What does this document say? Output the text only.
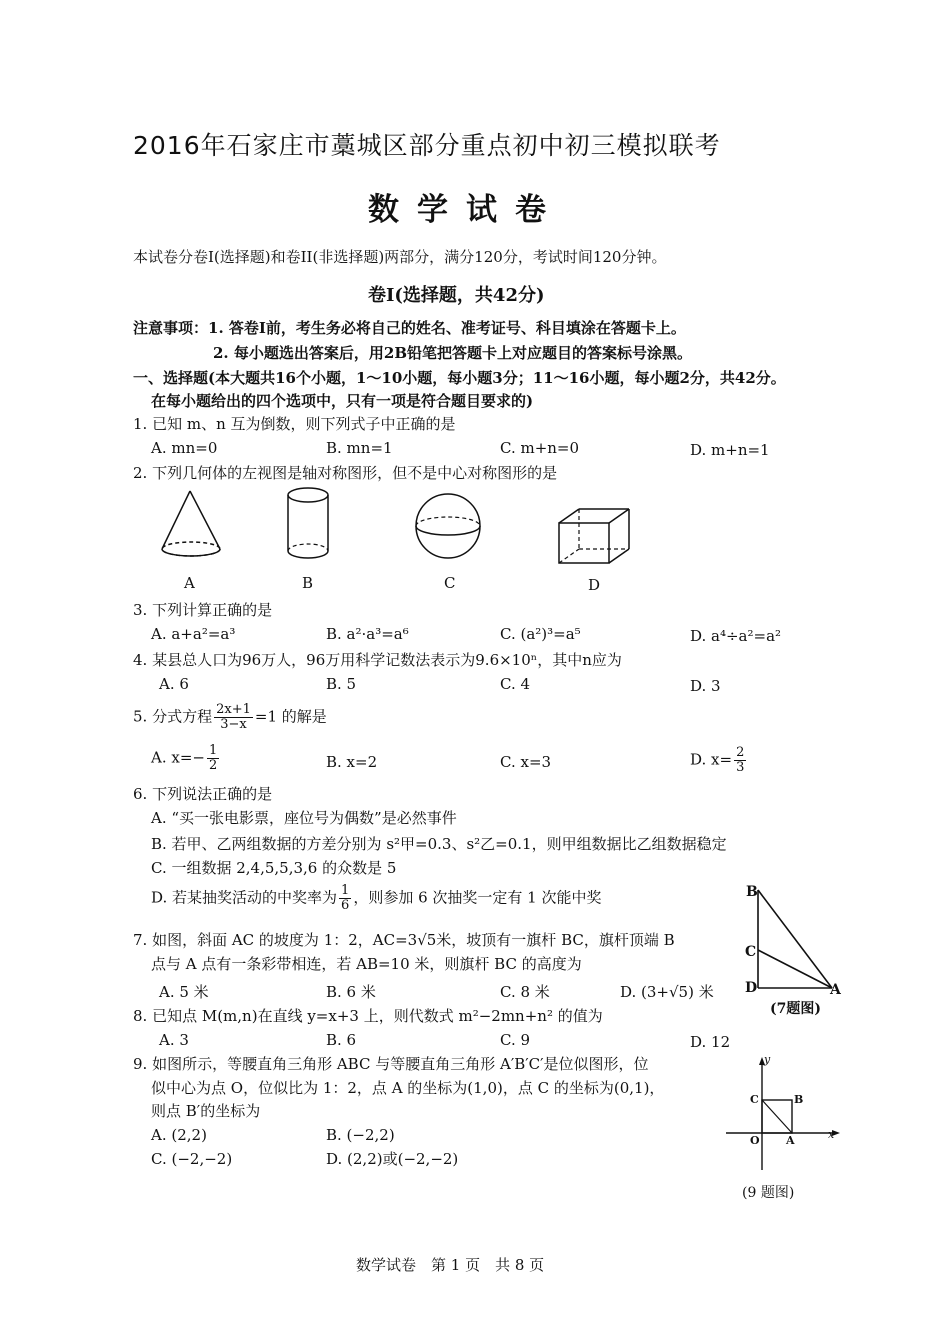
2016年石家庄市藁城区部分重点初中初三模拟联考
数学试卷
本试卷分卷I(选择题)和卷II(非选择题)两部分，满分120分，考试时间120分钟。
卷I(选择题，共42分)
注意事项：1. 答卷Ⅰ前，考生务必将自己的姓名、准考证号、科目填涂在答题卡上。
2. 每小题选出答案后，用2B铅笔把答题卡上对应题目的答案标号涂黑。
一、选择题(本大题共16个小题，1～10小题，每小题3分；11～16小题，每小题2分，共42分。
在每小题给出的四个选项中，只有一项是符合题目要求的)
1. 已知 m、n 互为倒数，则下列式子中正确的是
A. mn=0	B. mn=1	C. m+n=0	D. m+n=1
2. 下列几何体的左视图是轴对称图形，但不是中心对称图形的是
A	B	C	D
3. 下列计算正确的是
A. a+a²=a³	B. a²·a³=a⁶	C. (a²)³=a⁵	D. a⁴÷a²=a²
4. 某县总人口为96万人，96万用科学记数法表示为9.6×10ⁿ，其中n应为
A. 6	B. 5	C. 4	D. 3
5. 分式方程 $\frac{2x+1}{3-x} =1$ 的解是
A. $x=- \frac{1}{2}$	B. x=2	C. x=3	D. $x= \frac{2}{3}$
6. 下列说法正确的是
A. “买一张电影票，座位号为偶数”是必然事件
B. 若甲、乙两组数据的方差分别为 s²甲=0.3、s²乙=0.1，则甲组数据比乙组数据稳定
C. 一组数据 2,4,5,5,3,6 的众数是 5
D. 若某抽奖活动的中奖率为 $\frac{1}{6}$ ，则参加 6 次抽奖一定有 1 次能中奖	B
C
D	A
(7题图)
7. 如图，斜面 AC 的坡度为 1：2，AC=3√5米，坡顶有一旗杆 BC，旗杆顶端 B
点与 A 点有一条彩带相连，若 AB=10 米，则旗杆 BC 的高度为
A. 5 米	B. 6 米	C. 8 米	D. (3+√5) 米
8. 已知点 M(m,n)在直线 y=x+3 上，则代数式 m²−2mn+n² 的值为
A. 3	B. 6	C. 9	D. 12
9. 如图所示，等腰直角三角形 ABC 与等腰直角三角形 A′B′C′是位似图形，位
似中心为点 O，位似比为 1：2，点 A 的坐标为(1,0)，点 C 的坐标为(0,1)，
则点 B′的坐标为
A. (2,2)	B. (−2,2)
C. (−2,−2)	D. (2,2)或(−2,−2)
y
x
C	B
O A
(9 题图)
数学试卷　第 1 页　共 8 页
